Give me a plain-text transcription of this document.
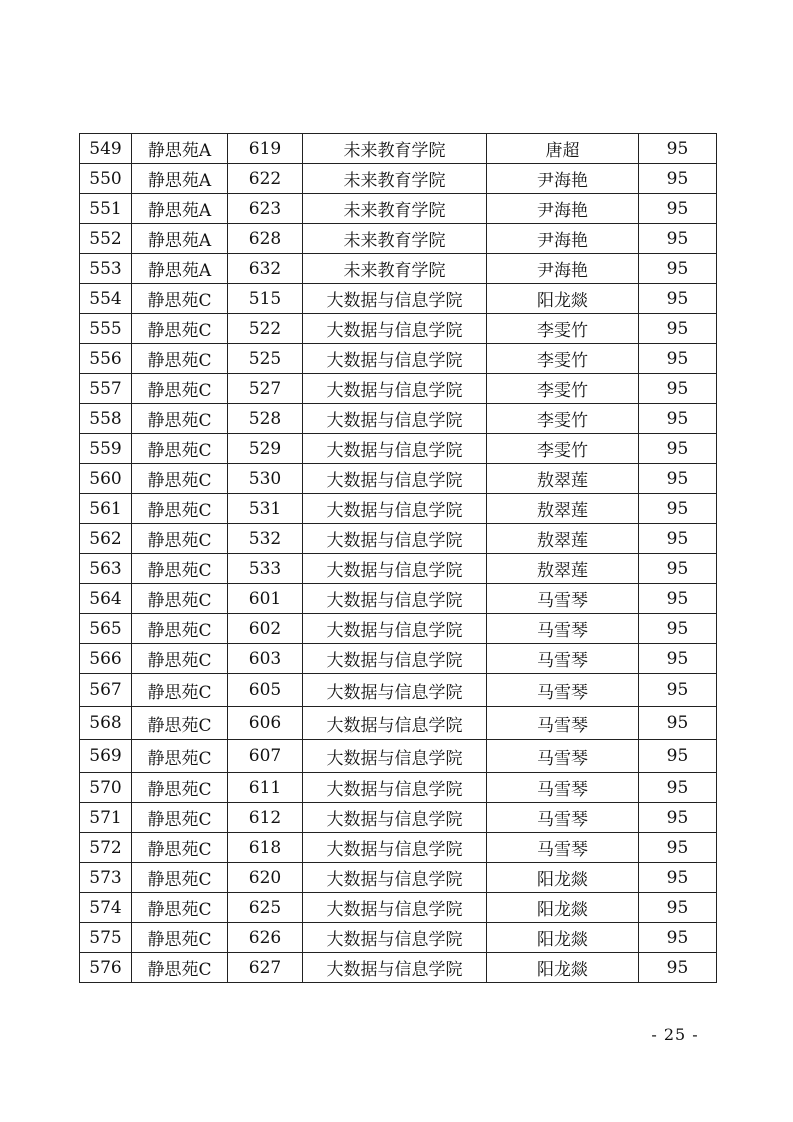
549	静思苑A	619	未来教育学院	唐超	95
550	静思苑A	622	未来教育学院	尹海艳	95
551	静思苑A	623	未来教育学院	尹海艳	95
552	静思苑A	628	未来教育学院	尹海艳	95
553	静思苑A	632	未来教育学院	尹海艳	95
554	静思苑C	515	大数据与信息学院	阳龙燚	95
555	静思苑C	522	大数据与信息学院	李雯竹	95
556	静思苑C	525	大数据与信息学院	李雯竹	95
557	静思苑C	527	大数据与信息学院	李雯竹	95
558	静思苑C	528	大数据与信息学院	李雯竹	95
559	静思苑C	529	大数据与信息学院	李雯竹	95
560	静思苑C	530	大数据与信息学院	敖翠莲	95
561	静思苑C	531	大数据与信息学院	敖翠莲	95
562	静思苑C	532	大数据与信息学院	敖翠莲	95
563	静思苑C	533	大数据与信息学院	敖翠莲	95
564	静思苑C	601	大数据与信息学院	马雪琴	95
565	静思苑C	602	大数据与信息学院	马雪琴	95
566	静思苑C	603	大数据与信息学院	马雪琴	95
567	静思苑C	605	大数据与信息学院	马雪琴	95
568	静思苑C	606	大数据与信息学院	马雪琴	95
569	静思苑C	607	大数据与信息学院	马雪琴	95
570	静思苑C	611	大数据与信息学院	马雪琴	95
571	静思苑C	612	大数据与信息学院	马雪琴	95
572	静思苑C	618	大数据与信息学院	马雪琴	95
573	静思苑C	620	大数据与信息学院	阳龙燚	95
574	静思苑C	625	大数据与信息学院	阳龙燚	95
575	静思苑C	626	大数据与信息学院	阳龙燚	95
576	静思苑C	627	大数据与信息学院	阳龙燚	95
- 25 -
